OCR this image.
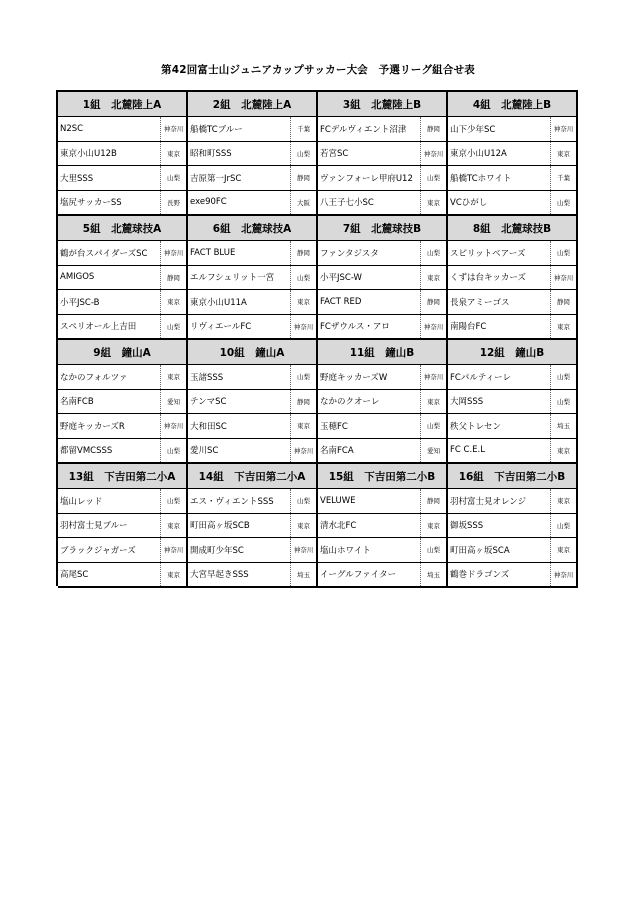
第42回富士山ジュニアカップサッカー大会　予選リーグ組合せ表
1組　北麓陸上A
N2SC	神奈川
東京小山U12B	東京
大里SSS	山梨
塩尻サッカーSS	長野
2組　北麓陸上A
船橋TCブルー	千葉
昭和町SSS	山梨
吉原第一JrSC	静岡
exe90FC	大阪
3組　北麓陸上B
FCデルヴィエント沼津	静岡
若宮SC	神奈川
ヴァンフォーレ甲府U12	山梨
八王子七小SC	東京
4組　北麓陸上B
山下少年SC	神奈川
東京小山U12A	東京
船橋TCホワイト	千葉
VCひがし	山梨
5組　北麓球技A
鶴が台スパイダーズSC	神奈川
AMIGOS	静岡
小平JSC-B	東京
スペリオール上吉田	山梨
6組　北麓球技A
FACT BLUE	静岡
エルフシュリット一宮	山梨
東京小山U11A	東京
リヴィエールFC	神奈川
7組　北麓球技B
ファンタジスタ	山梨
小平JSC-W	東京
FACT RED	静岡
FCザウルス・アロ	神奈川
8組　北麓球技B
スピリットベアーズ	山梨
くずは台キッカーズ	神奈川
長泉アミーゴス	静岡
南陽台FC	東京
9組　鐘山A
なかのフォルツァ	東京
名南FCB	愛知
野庭キッカーズR	神奈川
都留VMCSSS	山梨
10組　鐘山A
玉諸SSS	山梨
テンマSC	静岡
大和田SC	東京
愛川SC	神奈川
11組　鐘山B
野庭キッカーズW	神奈川
なかのクオーレ	東京
玉穂FC	山梨
名南FCA	愛知
12組　鐘山B
FCパルティーレ	山梨
大岡SSS	山梨
秩父トレセン	埼玉
FC C.E.L	東京
13組　下吉田第二小A
塩山レッド	山梨
羽村富士見ブルー	東京
ブラックジャガーズ	神奈川
高尾SC	東京
14組　下吉田第二小A
エス・ヴィエントSSS	山梨
町田高ヶ坂SCB	東京
開成町少年SC	神奈川
大宮早起きSSS	埼玉
15組　下吉田第二小B
VELUWE	静岡
清水北FC	東京
塩山ホワイト	山梨
イーグルファイター	埼玉
16組　下吉田第二小B
羽村富士見オレンジ	東京
御坂SSS	山梨
町田高ヶ坂SCA	東京
鶴巻ドラゴンズ	神奈川
